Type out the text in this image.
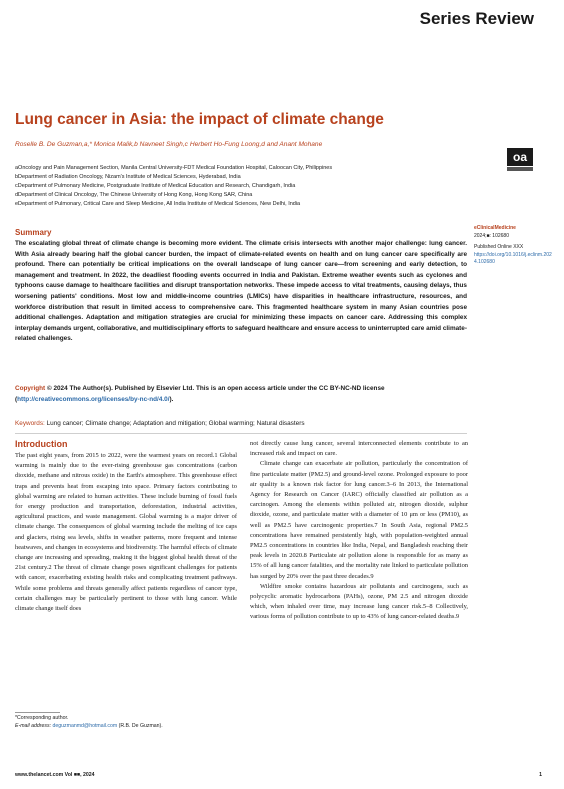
Series Review
Lung cancer in Asia: the impact of climate change
Roselle B. De Guzman,a,* Monica Malik,b Navneet Singh,c Herbert Ho-Fung Loong,d and Anant Mohane
aOncology and Pain Management Section, Manila Central University-FDT Medical Foundation Hospital, Caloocan City, Philippines
bDepartment of Radiation Oncology, Nizam's Institute of Medical Sciences, Hyderabad, India
cDepartment of Pulmonary Medicine, Postgraduate Institute of Medical Education and Research, Chandigarh, India
dDepartment of Clinical Oncology, The Chinese University of Hong Kong, Hong Kong SAR, China
eDepartment of Pulmonary, Critical Care and Sleep Medicine, All India Institute of Medical Sciences, New Delhi, India
oa
eClinicalMedicine
2024;■: 102680
Published Online XXX
https://doi.org/10.1016/j.eclinm.2024.102680
Summary
The escalating global threat of climate change is becoming more evident. The climate crisis intersects with another major challenge: lung cancer. With Asia already bearing half the global cancer burden, the impact of climate-related events on health and on lung cancer care specifically are profound. There can potentially be critical implications on the overall landscape of lung cancer care—from screening and early detection, to management and treatment. In 2022, the deadliest flooding events occurred in India and Pakistan. Extreme weather events such as cyclones and typhoons cause damage to healthcare facilities and disrupt transportation networks. These impede access to vital treatments, causing delays, thus worsening patients' conditions. Most low and middle-income countries (LMICs) have disparities in healthcare infrastructure, resources, and workforce distribution that result in limited access to comprehensive care. This fragmented healthcare system in many Asian countries pose additional challenges. Adaptation and mitigation strategies are crucial for minimizing these impacts on cancer care. Addressing this complex interplay demands urgent, collaborative, and multidisciplinary efforts to safeguard healthcare and ensure access to uninterrupted care amid climate-related challenges.
Copyright © 2024 The Author(s). Published by Elsevier Ltd. This is an open access article under the CC BY-NC-ND license (http://creativecommons.org/licenses/by-nc-nd/4.0/).
Keywords: Lung cancer; Climate change; Adaptation and mitigation; Global warming; Natural disasters
Introduction

The past eight years, from 2015 to 2022, were the warmest years on record.1 Global warming is mainly due to the ever-rising greenhouse gas concentrations (carbon dioxide, methane and nitrous oxide) in the Earth's atmosphere. This greenhouse effect traps and prevents heat from escaping into space. Primary factors contributing to global warming are related to human activities. These include burning of fossil fuels for energy production and transportation, deforestation, industrial activities, agricultural practices, and waste management. Global warming is a major driver of climate change. The consequences of global warming include the melting of ice caps and glaciers, rising sea levels, shifts in weather patterns, more frequent and intense heatwaves, and changes in ecosystems and biodiversity. The harmful effects of climate change are increasing and spreading, making it the biggest global health threat of the 21st century.2 The threat of climate change poses significant challenges for patients with cancer, exacerbating existing health risks and complicating treatment pathways. While some problems and threats generally affect patients regardless of cancer type, certain challenges may be particularly pertinent to those with lung cancer. While climate change itself does

not directly cause lung cancer, several interconnected elements contribute to an increased risk and impact on care.

Climate change can exacerbate air pollution, particularly the concentration of fine particulate matter (PM2.5) and ground-level ozone. Prolonged exposure to poor air quality is a known risk factor for lung cancer.3–6 In 2013, the International Agency for Research on Cancer (IARC) officially classified air pollution as a carcinogen. Among the elements within polluted air, nitrogen dioxide, sulphur dioxide, ozone, and particulate matter with a diameter of 10 μm or less (PM10), as well as PM2.5 have carcinogenic properties.7 In South Asia, regional PM2.5 concentrations have remained persistently high, with population-weighted annual PM2.5 concentrations in countries like India, Nepal, and Bangladesh reaching their peak levels in 2020.8 Particulate air pollution alone is responsible for as many as 15% of all lung cancer fatalities, and the mortality rate linked to particulate pollution has surged by 20% over the past three decades.9

Wildfire smoke contains hazardous air pollutants and carcinogens, such as polycyclic aromatic hydrocarbons (PAHs), ozone, PM 2.5 and nitrogen dioxide which, when inhaled over time, may increase lung cancer risk.5–8 Collectively, various forms of pollution contribute to up to 43% of lung cancer-related deaths.9

*Corresponding author.
E-mail address: deguzmanmd@hotmail.com (R.B. De Guzman).
www.thelancet.com Vol ■■, 2024	1
